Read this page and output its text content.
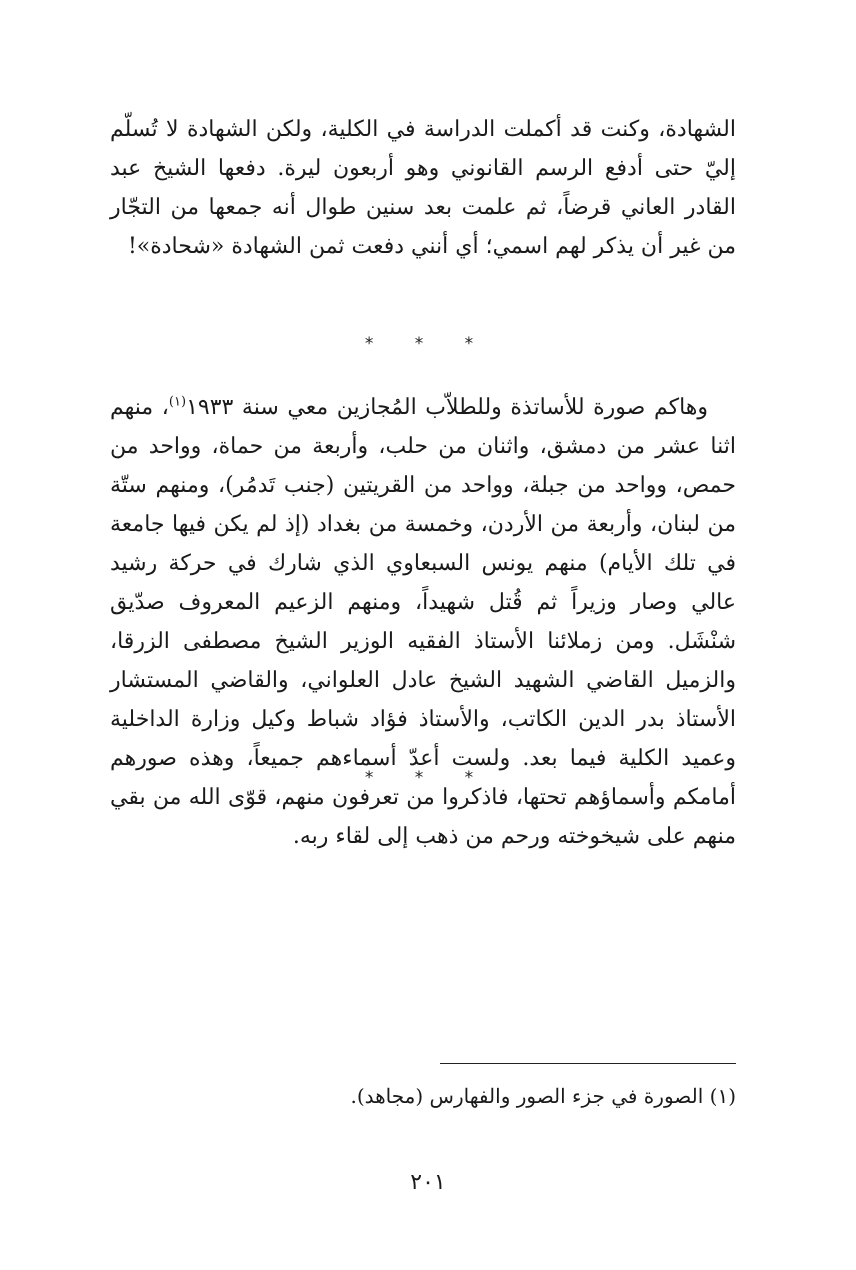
الشهادة، وكنت قد أكملت الدراسة في الكلية، ولكن الشهادة لا تُسلّم إليّ حتى أدفع الرسم القانوني وهو أربعون ليرة. دفعها الشيخ عبد القادر العاني قرضاً، ثم علمت بعد سنين طوال أنه جمعها من التجّار من غير أن يذكر لهم اسمي؛ أي أنني دفعت ثمن الشهادة «شحادة»!
* * *
وهاكم صورة للأساتذة وللطلاّب المُجازين معي سنة ١٩٣٣$^{(١)}$، منهم اثنا عشر من دمشق، واثنان من حلب، وأربعة من حماة، وواحد من حمص، وواحد من جبلة، وواحد من القريتين (جنب تَدمُر)، ومنهم ستّة من لبنان، وأربعة من الأردن، وخمسة من بغداد (إذ لم يكن فيها جامعة في تلك الأيام) منهم يونس السبعاوي الذي شارك في حركة رشيد عالي وصار وزيراً ثم قُتل شهيداً، ومنهم الزعيم المعروف صدّيق شنْشَل. ومن زملائنا الأستاذ الفقيه الوزير الشيخ مصطفى الزرقا، والزميل القاضي الشهيد الشيخ عادل العلواني، والقاضي المستشار الأستاذ بدر الدين الكاتب، والأستاذ فؤاد شباط وكيل وزارة الداخلية وعميد الكلية فيما بعد. ولست أعدّ أسماءهم جميعاً، وهذه صورهم أمامكم وأسماؤهم تحتها، فاذكروا من تعرفون منهم، قوّى الله من بقي منهم على شيخوخته ورحم من ذهب إلى لقاء ربه.
* * *
(١) الصورة في جزء الصور والفهارس (مجاهد).
٢٠١
